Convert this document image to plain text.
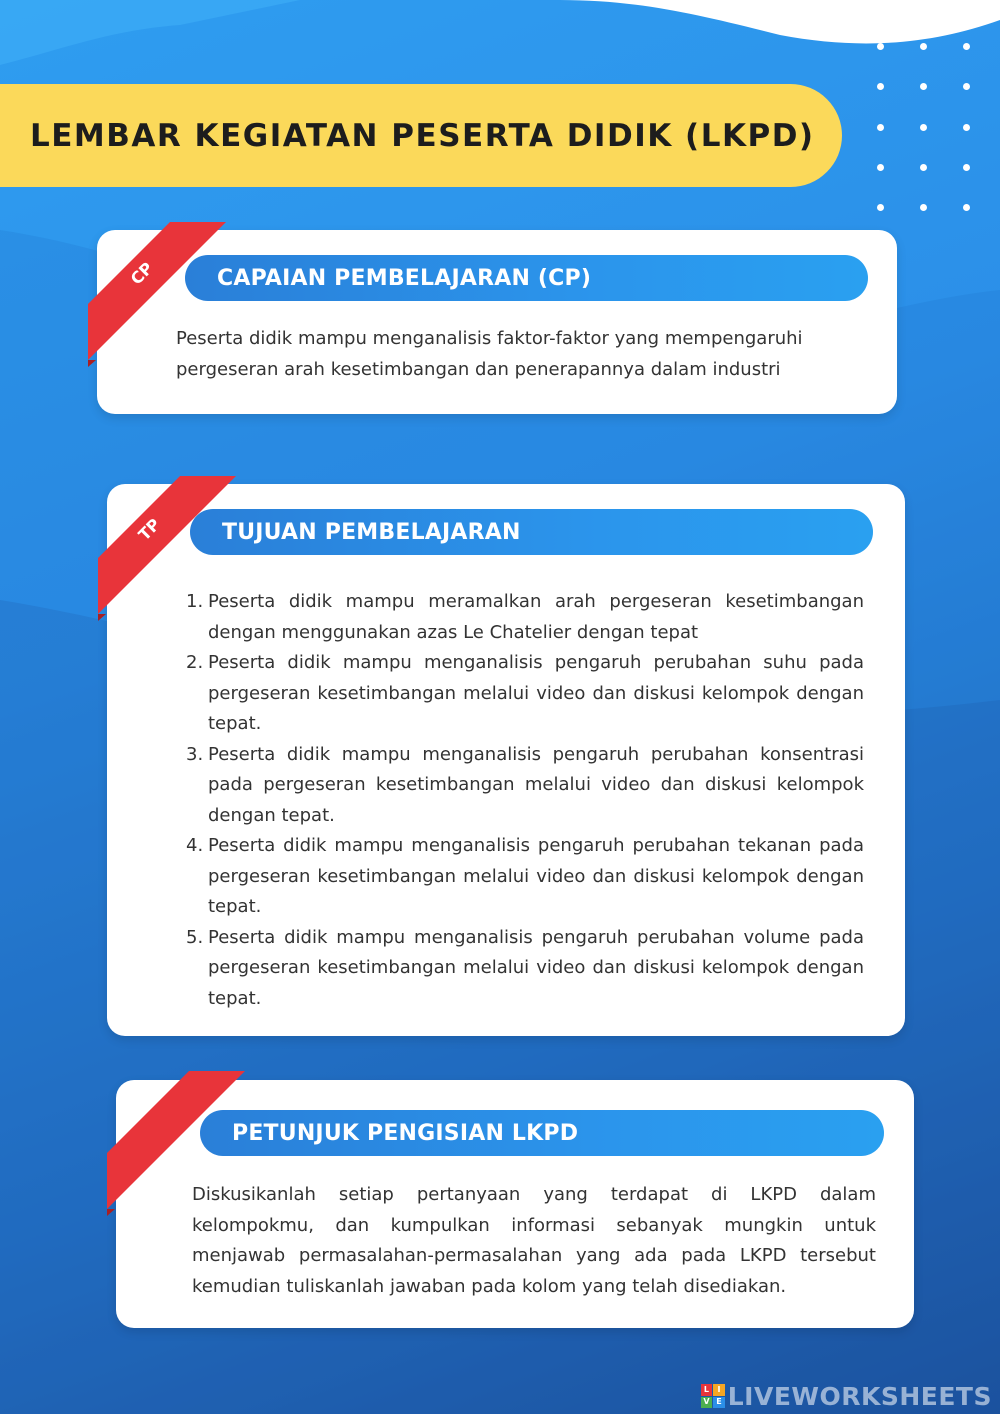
LEMBAR KEGIATAN PESERTA DIDIK (LKPD)
CP	CAPAIAN PEMBELAJARAN (CP)
Peserta didik mampu menganalisis faktor-faktor yang mempengaruhi pergeseran arah kesetimbangan dan penerapannya dalam industri
TP	TUJUAN PEMBELAJARAN
1. Peserta didik mampu meramalkan arah pergeseran kesetimbangan dengan menggunakan azas Le Chatelier dengan tepat
2. Peserta didik mampu menganalisis pengaruh perubahan suhu pada pergeseran kesetimbangan melalui video dan diskusi kelompok dengan tepat.
3. Peserta didik mampu menganalisis pengaruh perubahan konsentrasi pada pergeseran kesetimbangan melalui video dan diskusi kelompok dengan tepat.
4. Peserta didik mampu menganalisis pengaruh perubahan tekanan pada pergeseran kesetimbangan melalui video dan diskusi kelompok dengan tepat.
5. Peserta didik mampu menganalisis pengaruh perubahan volume pada pergeseran kesetimbangan melalui video dan diskusi kelompok dengan tepat.
PETUNJUK PENGISIAN LKPD
Diskusikanlah setiap pertanyaan yang terdapat di LKPD dalam kelompokmu, dan kumpulkan informasi sebanyak mungkin untuk menjawab permasalahan-permasalahan yang ada pada LKPD tersebut kemudian tuliskanlah jawaban pada kolom yang telah disediakan.
L	I
V E LIVEWORKSHEETS
